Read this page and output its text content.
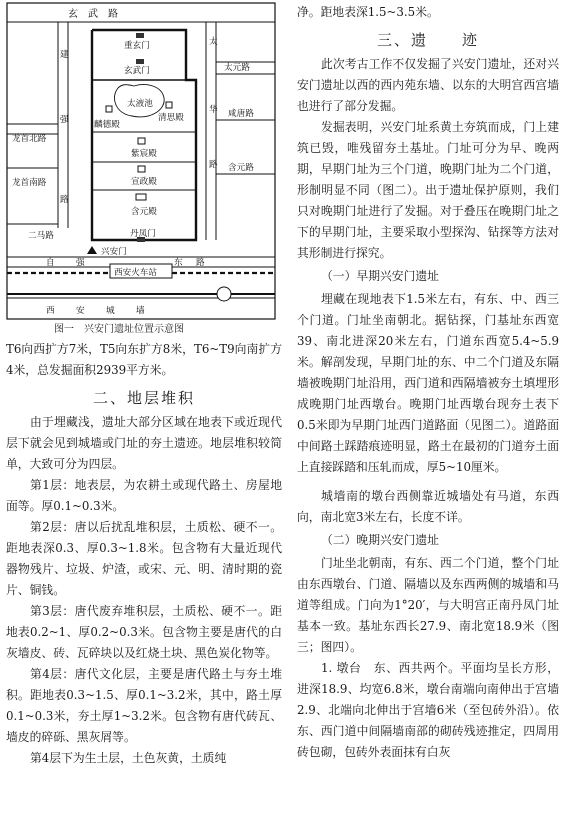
玄　武　路
建
强
路
太
华
路
龙首北路
龙首南路
二马路
太元路
咸唐路
含元路
重玄门
玄武门
太液池
麟德殿
清思殿
紫宸殿
宣政殿
含元殿
丹凤门
兴安门
自 强	东 路
西安火车站
西 安 城 墙
图一　兴安门遗址位置示意图

T6向西扩方7米，T5向东扩方8米，T6~T9向南扩方4米，总发掘面积2939平方米。

二、地层堆积

由于埋藏浅，遗址大部分区域在地表下或近现代层下就会见到城墙或门址的夯土遗迹。地层堆积较简单，大致可分为四层。

第1层：地表层，为农耕土或现代路土、房屋地面等。厚0.1~0.3米。

第2层：唐以后扰乱堆积层，土质松、硬不一。距地表深0.3、厚0.3~1.8米。包含物有大量近现代器物残片、垃圾、炉渣，或宋、元、明、清时期的瓷片、铜钱。

第3层：唐代废弃堆积层，土质松、硬不一。距地表0.2~1、厚0.2~0.3米。包含物主要是唐代的白灰墙皮、砖、瓦碎块以及红烧土块、黑色炭化物等。

第4层：唐代文化层，主要是唐代路土与夯土堆积。距地表0.3~1.5、厚0.1~3.2米，其中，路土厚0.1~0.3米，夯土厚1~3.2米。包含物有唐代砖瓦、墙皮的碎砾、黑灰屑等。

第4层下为生土层，土色灰黄，土质纯

净。距地表深1.5~3.5米。

三、遗　　迹

此次考古工作不仅发掘了兴安门遗址，还对兴安门遗址以西的西内苑东墙、以东的大明宫西宫墙也进行了部分发掘。

发掘表明，兴安门址系黄土夯筑而成，门上建筑已毁，唯残留夯土基址。门址可分为早、晚两期，早期门址为三个门道，晚期门址为二个门道，形制明显不同（图二）。出于遗址保护原则，我们只对晚期门址进行了发掘。对于叠压在晚期门址之下的早期门址，主要采取小型探沟、钻探等方法对其形制进行探究。

（一）早期兴安门遗址

埋藏在现地表下1.5米左右，有东、中、西三个门道。门址坐南朝北。据钻探，门基址东西宽39、南北进深20米左右，门道东西宽5.4~5.9米。解剖发现，早期门址的东、中二个门道及东隔墙被晚期门址沿用，西门道和西隔墙被夯土填埋形成晚期门址西墩台。晚期门址西墩台现夯土表下0.5米即为早期门址西门道路面（见图二）。道路面中间路土踩踏痕迹明显，路土在最初的门道夯土面上直接踩踏和压轧而成，厚5~10厘米。

城墙南的墩台西侧靠近城墙处有马道，东西向，南北宽3米左右，长度不详。

（二）晚期兴安门遗址

门址坐北朝南，有东、西二个门道，整个门址由东西墩台、门道、隔墙以及东西两侧的城墙和马道等组成。门向为1°20′，与大明宫正南丹凤门址基本一致。基址东西长27.9、南北宽18.9米（图三；图四）。

1. 墩台　东、西共两个。平面均呈长方形，进深18.9、均宽6.8米，墩台南端向南伸出于宫墙2.9、北端向北伸出于宫墙6米（至包砖外沿）。依东、西门道中间隔墙南部的砌砖残迹推定，四周用砖包砌，包砖外表面抹有白灰
